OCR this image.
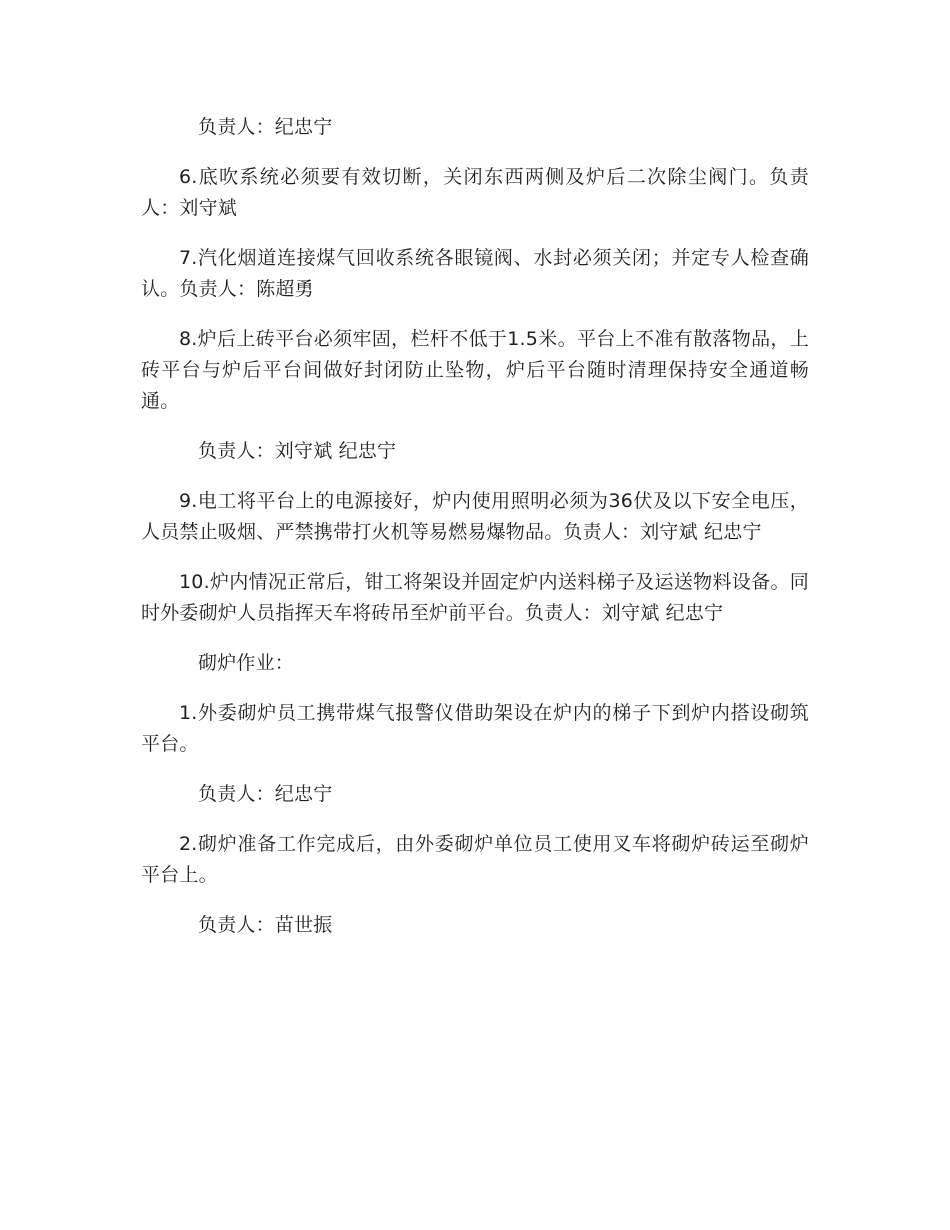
负责人：纪忠宁

6.底吹系统必须要有效切断，关闭东西两侧及炉后二次除尘阀门。负责人：刘守斌

7.汽化烟道连接煤气回收系统各眼镜阀、水封必须关闭；并定专人检查确认。负责人：陈超勇

8.炉后上砖平台必须牢固，栏杆不低于1.5米。平台上不准有散落物品，上砖平台与炉后平台间做好封闭防止坠物，炉后平台随时清理保持安全通道畅通。

负责人：刘守斌 纪忠宁

9.电工将平台上的电源接好，炉内使用照明必须为36伏及以下安全电压，人员禁止吸烟、严禁携带打火机等易燃易爆物品。负责人：刘守斌 纪忠宁

10.炉内情况正常后，钳工将架设并固定炉内送料梯子及运送物料设备。同时外委砌炉人员指挥天车将砖吊至炉前平台。负责人：刘守斌 纪忠宁

砌炉作业：

1.外委砌炉员工携带煤气报警仪借助架设在炉内的梯子下到炉内搭设砌筑平台。

负责人：纪忠宁

2.砌炉准备工作完成后，由外委砌炉单位员工使用叉车将砌炉砖运至砌炉平台上。

负责人：苗世振
